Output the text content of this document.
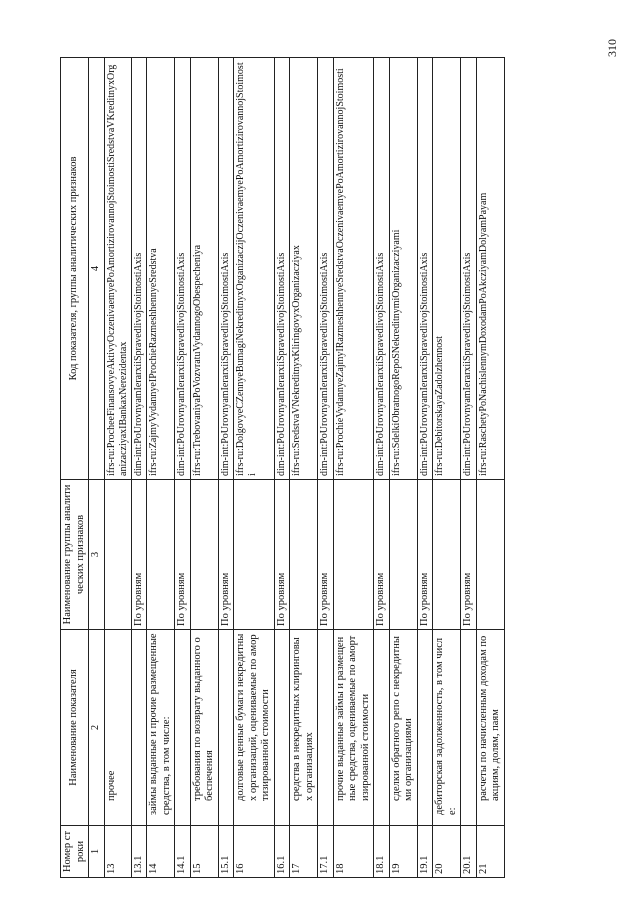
310
Номер строки	Наименование показателя	Наименование группы аналитических признаков	Код показателя, группы аналитических признаков
1	2	3	4
13	прочее		ifrs-ru:ProcheeFinansovyeAktivyOczenivaemyePoAmortizirovannojStoimostiSredstvaVKreditnyxOrganizacziyaxIBankaxNerezidentax
13.1		По уровням	dim-int:PoUrovnyamIerarxiiSpravedlivojStoimostiAxis
14	займы выданные и прочие размещенные средства, в том числе:		ifrs-ru:ZajmyVydannyeIProchieRazmeshhennyeSredstva
14.1		По уровням	dim-int:PoUrovnyamIerarxiiSpravedlivojStoimostiAxis
15	требования по возврату выданного обеспечения		ifrs-ru:TrebovaniyaPoVozvratuVydannogoObespecheniya
15.1		По уровням	dim-int:PoUrovnyamIerarxiiSpravedlivojStoimostiAxis
16	долговые ценные бумаги некредитных организаций, оцениваемые по амортизированной стоимости		ifrs-ru:DolgovyeCZennyeBumagiNekreditnyxOrganizaczijOczenivaemyePoAmortizirovannojStoimosti
16.1		По уровням	dim-int:PoUrovnyamIerarxiiSpravedlivojStoimostiAxis
17	средства в некредитных клиринговых организациях		ifrs-ru:SredstvaVNekreditnyxKliringovyxOrganizacziyax
17.1		По уровням	dim-int:PoUrovnyamIerarxiiSpravedlivojStoimostiAxis
18	прочие выданные займы и размещенные средства, оцениваемые по амортизированной стоимости		ifrs-ru:ProchieVydannyeZajmyIRazmeshhennyeSredstvaOczenivaemyePoAmortizirovannojStoimosti
18.1		По уровням	dim-int:PoUrovnyamIerarxiiSpravedlivojStoimostiAxis
19	сделки обратного репо с некредитными организациями		ifrs-ru:SdelkiObratnogoRepoSNekreditnymiOrganizacziyami
19.1		По уровням	dim-int:PoUrovnyamIerarxiiSpravedlivojStoimostiAxis
20	дебиторская задолженность, в том числе:		ifrs-ru:DebitorskayaZadolzhennost
20.1		По уровням	dim-int:PoUrovnyamIerarxiiSpravedlivojStoimostiAxis
21	расчеты по начисленным доходам по акциям, долям, паям		ifrs-ru:RaschetyPoNachislennymDoxodamPoAkcziyamDolyamPayam
